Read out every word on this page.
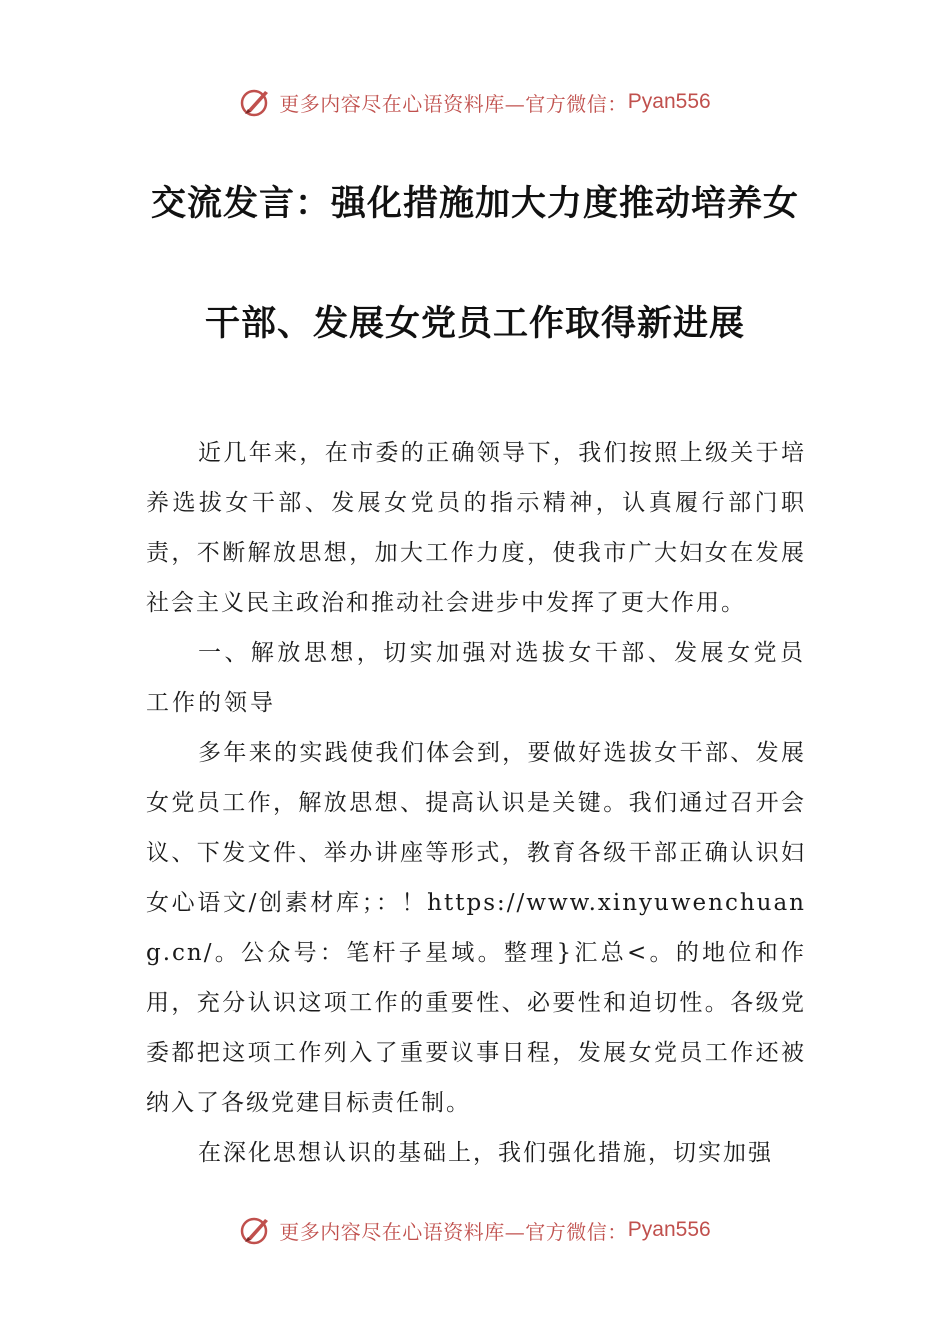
更多内容尽在心语资料库—官方微信： Pyan556
交流发言：强化措施加大力度推动培养女
干部、发展女党员工作取得新进展

近几年来，在市委的正确领导下，我们按照上级关于培养选拔女干部、发展女党员的指示精神，认真履行部门职责，不断解放思想，加大工作力度，使我市广大妇女在发展社会主义民主政治和推动社会进步中发挥了更大作用。

一、解放思想，切实加强对选拔女干部、发展女党员工作的领导

多年来的实践使我们体会到，要做好选拔女干部、发展女党员工作，解放思想、提高认识是关键。我们通过召开会议、下发文件、举办讲座等形式，教育各级干部正确认识妇女心语文/创素材库；：！https://www.xinyuwenchuang.cn/。公众号：笔杆子星域。整理}汇总<。的地位和作用，充分认识这项工作的重要性、必要性和迫切性。各级党委都把这项工作列入了重要议事日程，发展女党员工作还被纳入了各级党建目标责任制。

在深化思想认识的基础上，我们强化措施，切实加强

更多内容尽在心语资料库—官方微信： Pyan556
